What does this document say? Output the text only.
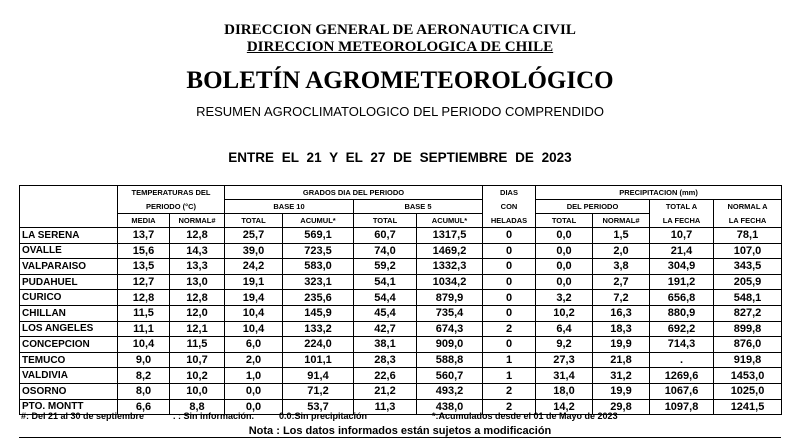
DIRECCION GENERAL DE AERONAUTICA CIVIL
DIRECCION METEOROLOGICA DE CHILE
BOLETÍN AGROMETEOROLÓGICO
RESUMEN AGROCLIMATOLOGICO DEL PERIODO COMPRENDIDO
ENTRE EL 21 Y EL 27 DE SEPTIEMBRE DE 2023
	TEMPERATURAS DEL		GRADOS DIA DEL PERIODO				DIAS	PRECIPITACION (mm)			
	PERIODO (°C)		BASE 10		BASE 5		CON	DEL PERIODO		TOTAL A	NORMAL A
	MEDIA	NORMAL#	TOTAL	ACUMUL*	TOTAL	ACUMUL*	HELADAS	TOTAL	NORMAL#	LA FECHA	LA FECHA
LA SERENA	13,7	12,8	25,7	569,1	60,7	1317,5	0	0,0	1,5	10,7	78,1
OVALLE	15,6	14,3	39,0	723,5	74,0	1469,2	0	0,0	2,0	21,4	107,0
VALPARAISO	13,5	13,3	24,2	583,0	59,2	1332,3	0	0,0	3,8	304,9	343,5
PUDAHUEL	12,7	13,0	19,1	323,1	54,1	1034,2	0	0,0	2,7	191,2	205,9
CURICO	12,8	12,8	19,4	235,6	54,4	879,9	0	3,2	7,2	656,8	548,1
CHILLAN	11,5	12,0	10,4	145,9	45,4	735,4	0	10,2	16,3	880,9	827,2
LOS ANGELES	11,1	12,1	10,4	133,2	42,7	674,3	2	6,4	18,3	692,2	899,8
CONCEPCION	10,4	11,5	6,0	224,0	38,1	909,0	0	9,2	19,9	714,3	876,0
TEMUCO	9,0	10,7	2,0	101,1	28,3	588,8	1	27,3	21,8	.	919,8
VALDIVIA	8,2	10,2	1,0	91,4	22,6	560,7	1	31,4	31,2	1269,6	1453,0
OSORNO	8,0	10,0	0,0	71,2	21,2	493,2	2	18,0	19,9	1067,6	1025,0
PTO. MONTT	6,6	8,8	0,0	53,7	11,3	438,0	2	14,2	29,8	1097,8	1241,5
#: Del 21 al 30 de septiembre	. : Sin información.	0.0:Sin precipitación	*:Acumulados desde el 01 de Mayo de 2023
Nota : Los datos informados están sujetos a modificación
